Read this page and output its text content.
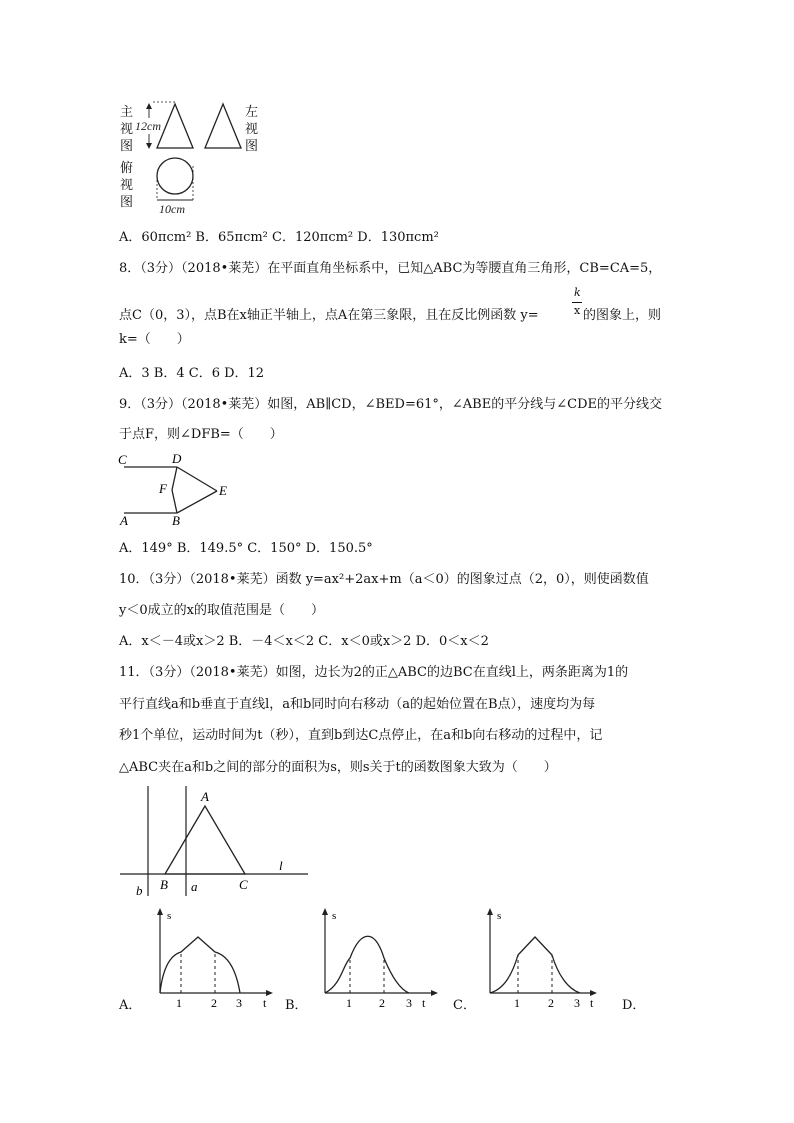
主视图
左视图
俯视图
12cm
10cm
A．60πcm² B．65πcm² C．120πcm² D．130πcm²
8．（3分）（2018•莱芜）在平面直角坐标系中，已知△ABC为等腰直角三角形，CB=CA=5，
点C（0，3），点B在x轴正半轴上，点A在第三象限，且在反比例函数 y=
k
x 的图象上，则
k=（　　）
A．3 B．4 C．6 D．12
9．（3分）（2018•莱芜）如图，AB∥CD，∠BED=61°，∠ABE的平分线与∠CDE的平分线交
于点F，则∠DFB=（　　）
C	D
F	E
A	B
A．149° B．149.5° C．150° D．150.5°
10．（3分）（2018•莱芜）函数 y=ax²+2ax+m（a＜0）的图象过点（2，0），则使函数值
y＜0成立的x的取值范围是（　　）
A．x＜－4或x＞2 B．－4＜x＜2 C．x＜0或x＞2 D．0＜x＜2
11．（3分）（2018•莱芜）如图，边长为2的正△ABC的边BC在直线l上，两条距离为1的
平行直线a和b垂直于直线l，a和b同时向右移动（a的起始位置在B点），速度均为每
秒1个单位，运动时间为t（秒），直到b到达C点停止，在a和b向右移动的过程中，记
△ABC夹在a和b之间的部分的面积为s，则s关于t的函数图象大致为（　　）
A
B	C
l
b	a
s
t
1 2 3
s
t
1 2 3
s
t
1 2 3
A．	B．	C．	D．
